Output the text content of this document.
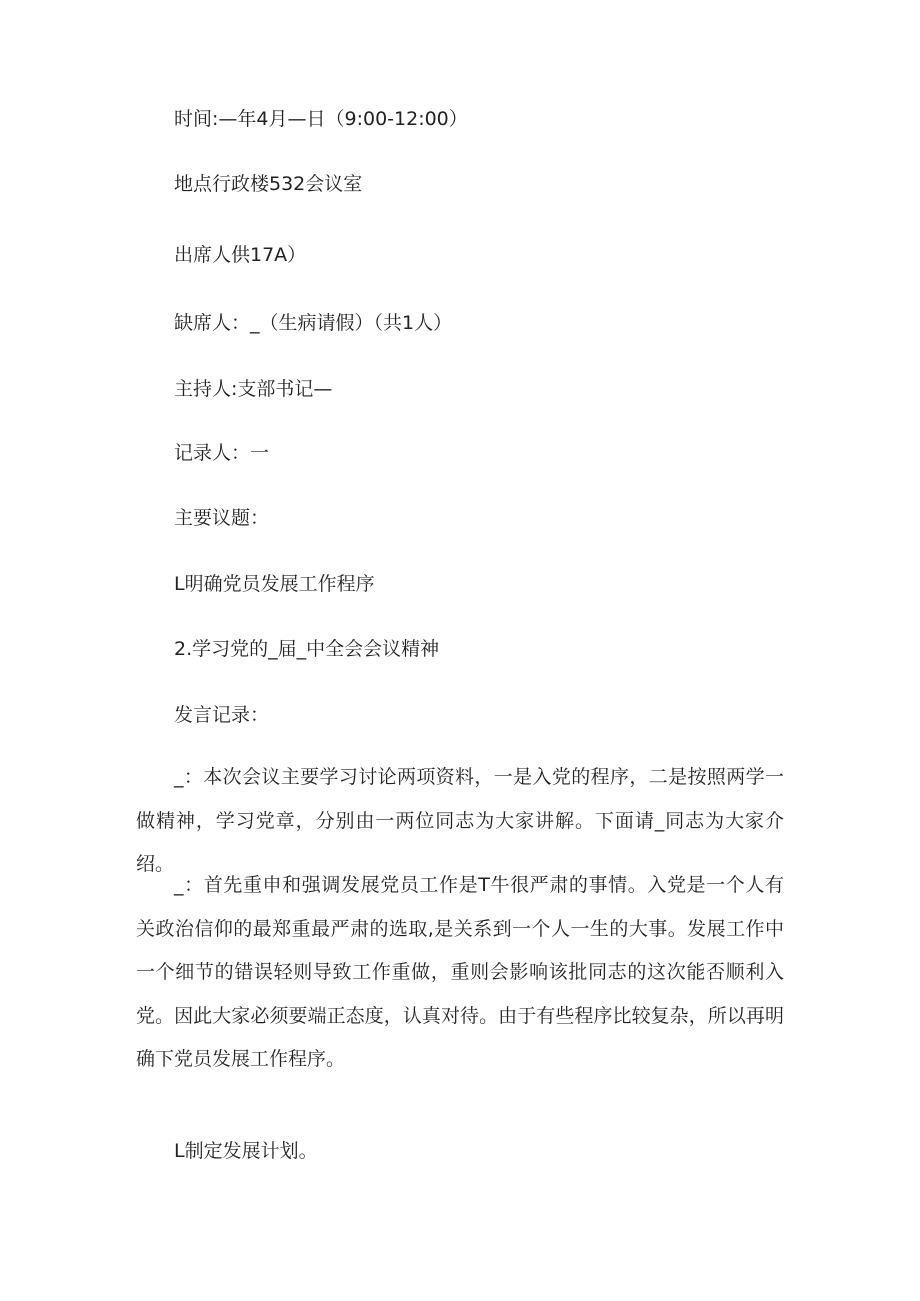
时间:—年4月—日（9:00-12:00）
地点行政楼532会议室
出席人供17A）
缺席人：_（生病请假）（共1人）
主持人:支部书记—
记录人：一
主要议题：
L明确党员发展工作程序
2.学习党的_届_中全会会议精神
发言记录：

_：本次会议主要学习讨论两项资料，一是入党的程序，二是按照两学一做精神，学习党章，分别由一两位同志为大家讲解。下面请_同志为大家介绍。

_：首先重申和强调发展党员工作是T牛很严肃的事情。入党是一个人有关政治信仰的最郑重最严肃的选取,是关系到一个人一生的大事。发展工作中一个细节的错误轻则导致工作重做，重则会影响该批同志的这次能否顺利入党。因此大家必须要端正态度，认真对待。由于有些程序比较复杂，所以再明确下党员发展工作程序。

L制定发展计划。
